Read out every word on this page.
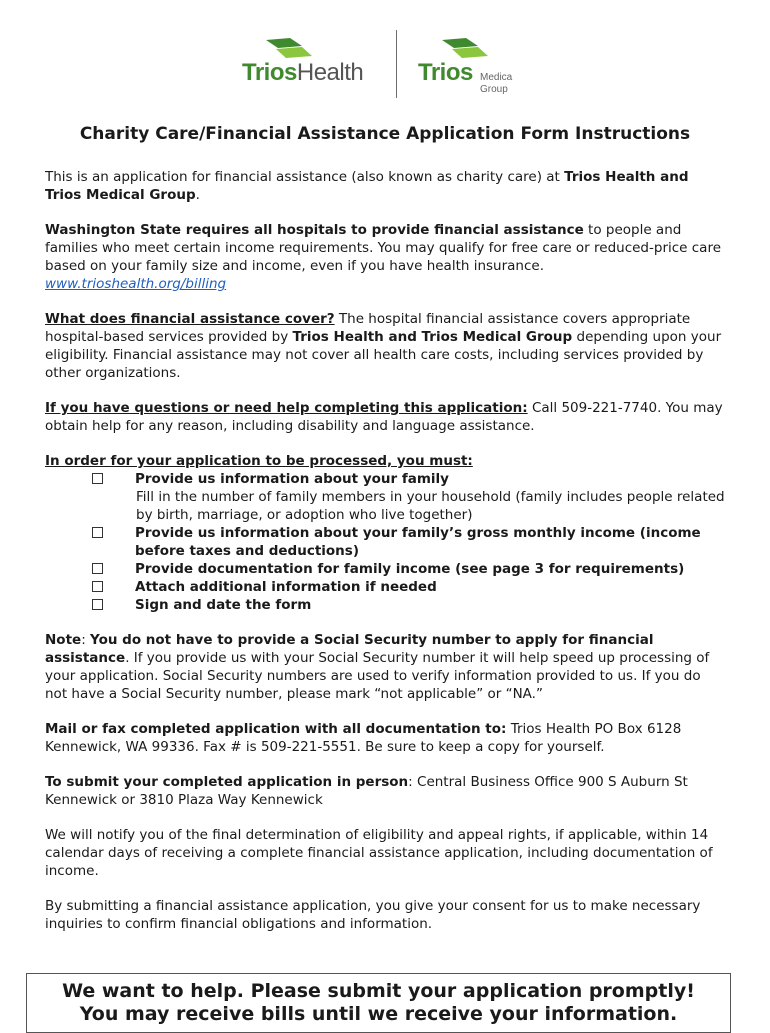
TriosHealth Trios Medica
Group
Charity Care/Financial Assistance Application Form Instructions

This is an application for financial assistance (also known as charity care) at Trios Health and Trios Medical Group.

Washington State requires all hospitals to provide financial assistance to people and families who meet certain income requirements. You may qualify for free care or reduced-price care based on your family size and income, even if you have health insurance.
www.trioshealth.org/billing

What does financial assistance cover? The hospital financial assistance covers appropriate hospital-based services provided by Trios Health and Trios Medical Group depending upon your eligibility. Financial assistance may not cover all health care costs, including services provided by other organizations.

If you have questions or need help completing this application: Call 509-221-7740. You may obtain help for any reason, including disability and language assistance.

In order for your application to be processed, you must:
Provide us information about your family
Fill in the number of family members in your household (family includes people related by birth, marriage, or adoption who live together)
Provide us information about your family’s gross monthly income (income before taxes and deductions)
Provide documentation for family income (see page 3 for requirements)
Attach additional information if needed
Sign and date the form

Note: You do not have to provide a Social Security number to apply for financial assistance. If you provide us with your Social Security number it will help speed up processing of your application. Social Security numbers are used to verify information provided to us. If you do not have a Social Security number, please mark “not applicable” or “NA.”

Mail or fax completed application with all documentation to: Trios Health PO Box 6128 Kennewick, WA 99336. Fax # is 509-221-5551. Be sure to keep a copy for yourself.

To submit your completed application in person: Central Business Office 900 S Auburn St Kennewick or 3810 Plaza Way Kennewick

We will notify you of the final determination of eligibility and appeal rights, if applicable, within 14 calendar days of receiving a complete financial assistance application, including documentation of income.

By submitting a financial assistance application, you give your consent for us to make necessary inquiries to confirm financial obligations and information.

We want to help. Please submit your application promptly!
You may receive bills until we receive your information.
